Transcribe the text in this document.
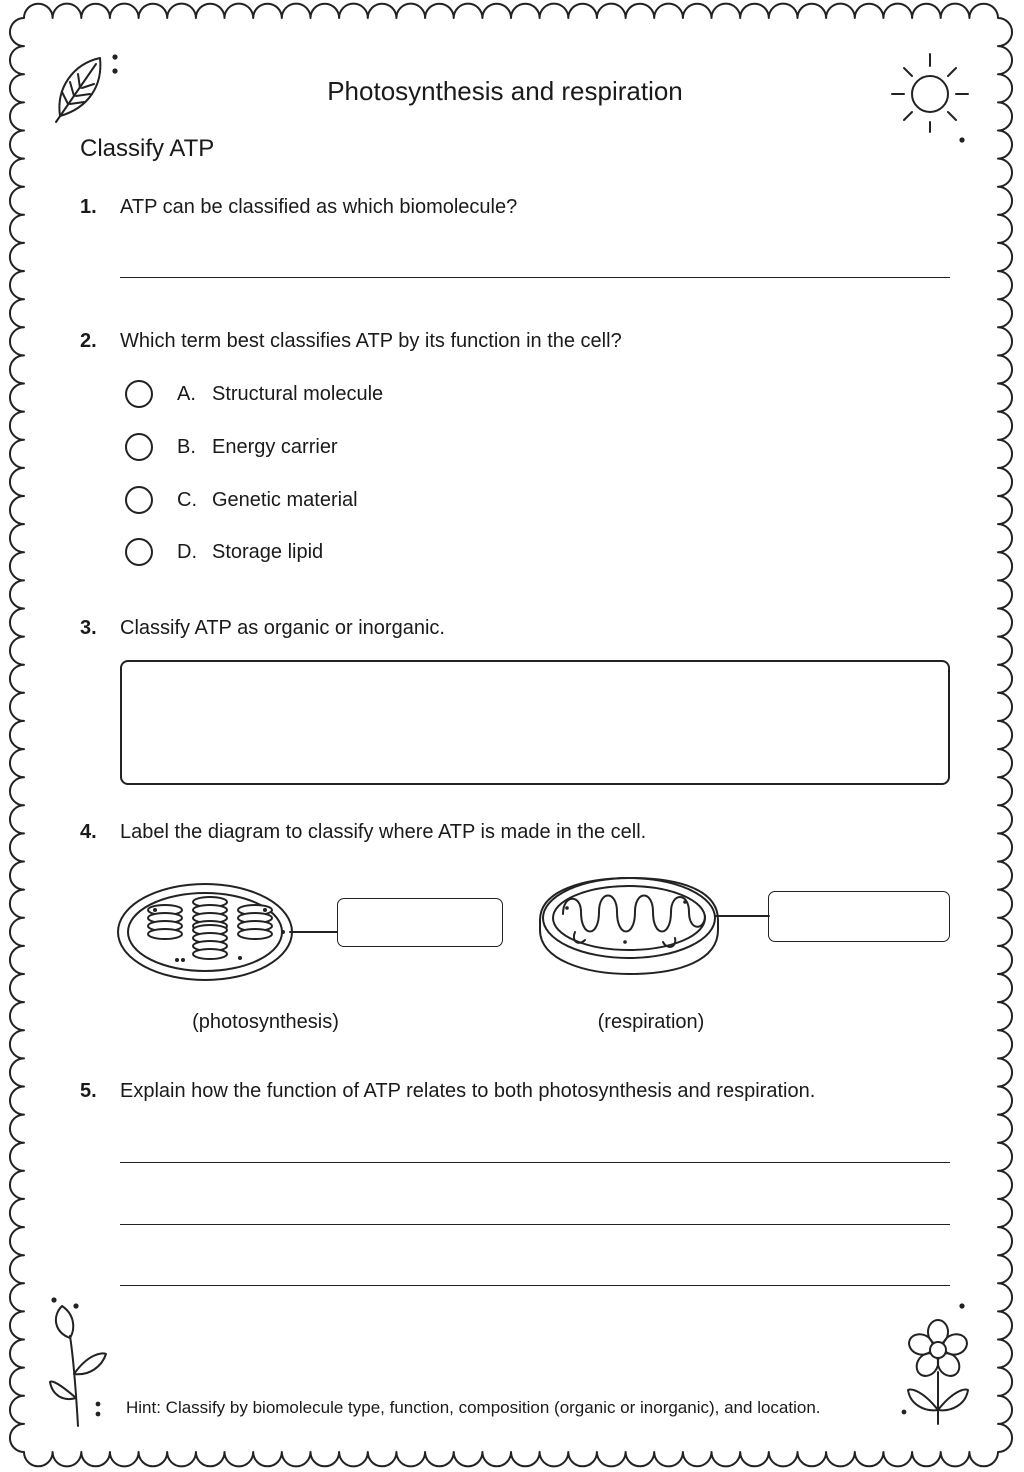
Photosynthesis and respiration
Classify ATP
1. ATP can be classified as which biomolecule?
2. Which term best classifies ATP by its function in the cell?
A. Structural molecule
B. Energy carrier
C. Genetic material
D. Storage lipid
3. Classify ATP as organic or inorganic.
4. Label the diagram to classify where ATP is made in the cell.
(photosynthesis)	(respiration)
5. Explain how the function of ATP relates to both photosynthesis and respiration.
Hint: Classify by biomolecule type, function, composition (organic or inorganic), and location.
